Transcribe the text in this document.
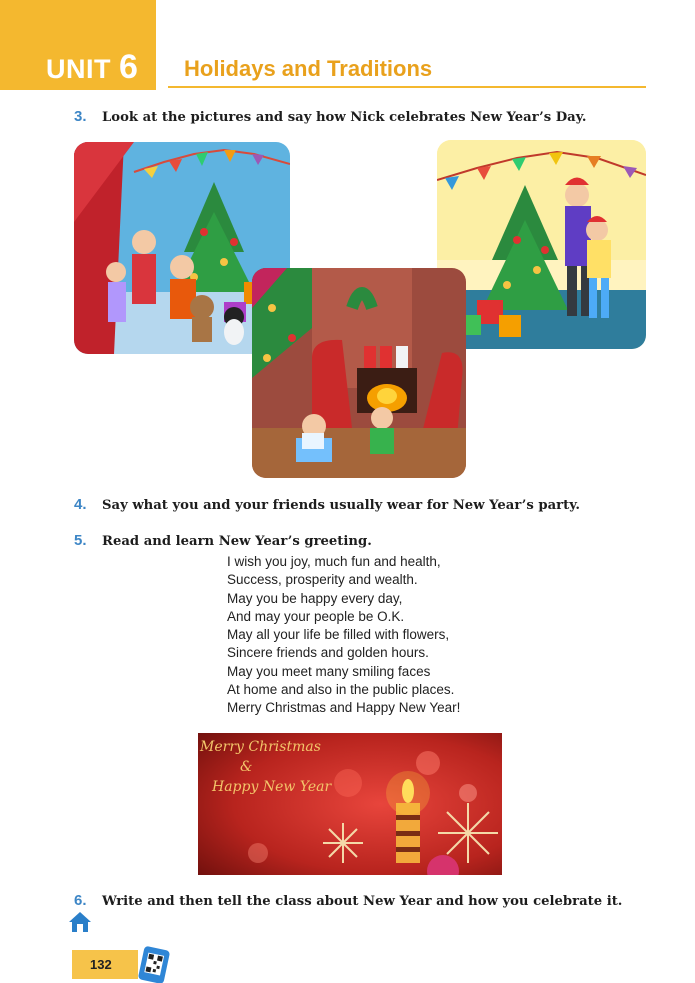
UNIT 6 Holidays and Traditions
3. Look at the pictures and say how Nick celebrates New Year’s Day.
4. Say what you and your friends usually wear for New Year’s party.
5. Read and learn New Year’s greeting.
I wish you joy, much fun and health,
Success, prosperity and wealth.
May you be happy every day,
And may your people be O.K.
May all your life be filled with flowers,
Sincere friends and golden hours.
May you meet many smiling faces
At home and also in the public places.
Merry Christmas and Happy New Year!
Merry Christmas
&
Happy New Year
6. Write and then tell the class about New Year and how you celebrate it.
132
